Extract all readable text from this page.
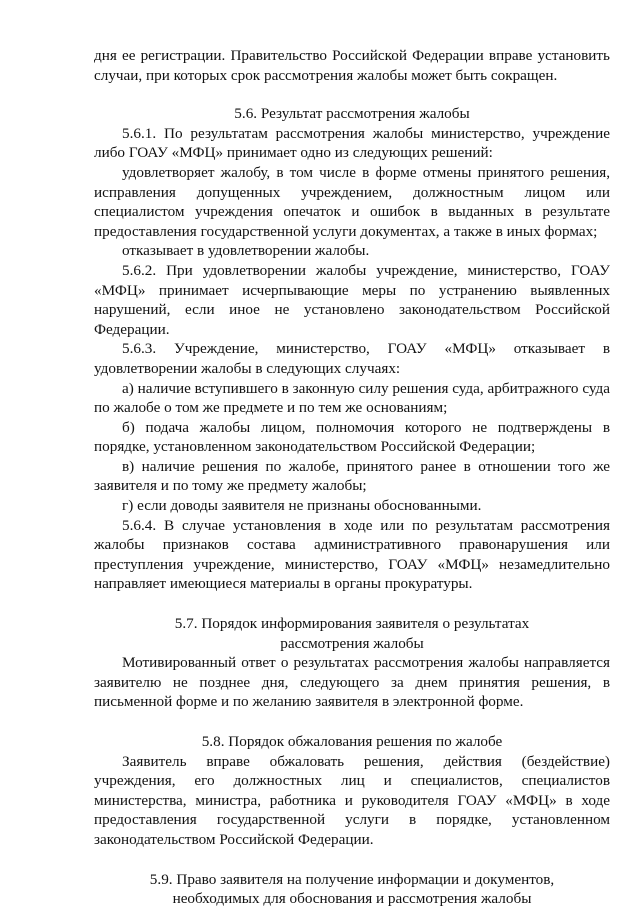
дня ее регистрации. Правительство Российской Федерации вправе установить случаи, при которых срок рассмотрения жалобы может быть сокращен.

5.6. Результат рассмотрения жалобы

5.6.1. По результатам рассмотрения жалобы министерство, учреждение либо ГОАУ «МФЦ» принимает одно из следующих решений:

удовлетворяет жалобу, в том числе в форме отмены принятого решения, исправления допущенных учреждением, должностным лицом или специалистом учреждения опечаток и ошибок в выданных в результате предоставления государственной услуги документах, а также в иных формах;

отказывает в удовлетворении жалобы.

5.6.2. При удовлетворении жалобы учреждение, министерство, ГОАУ «МФЦ» принимает исчерпывающие меры по устранению выявленных нарушений, если иное не установлено законодательством Российской Федерации.

5.6.3. Учреждение, министерство, ГОАУ «МФЦ» отказывает в удовлетворении жалобы в следующих случаях:

а) наличие вступившего в законную силу решения суда, арбитражного суда по жалобе о том же предмете и по тем же основаниям;

б) подача жалобы лицом, полномочия которого не подтверждены в порядке, установленном законодательством Российской Федерации;

в) наличие решения по жалобе, принятого ранее в отношении того же заявителя и по тому же предмету жалобы;

г) если доводы заявителя не признаны обоснованными.

5.6.4. В случае установления в ходе или по результатам рассмотрения жалобы признаков состава административного правонарушения или преступления учреждение, министерство, ГОАУ «МФЦ» незамедлительно направляет имеющиеся материалы в органы прокуратуры.

5.7. Порядок информирования заявителя о результатах
рассмотрения жалобы

Мотивированный ответ о результатах рассмотрения жалобы направляется заявителю не позднее дня, следующего за днем принятия решения, в письменной форме и по желанию заявителя в электронной форме.

5.8. Порядок обжалования решения по жалобе

Заявитель вправе обжаловать решения, действия (бездействие) учреждения, его должностных лиц и специалистов, специалистов министерства, министра, работника и руководителя ГОАУ «МФЦ» в ходе предоставления государственной услуги в порядке, установленном законодательством Российской Федерации.

5.9. Право заявителя на получение информации и документов,
необходимых для обоснования и рассмотрения жалобы
